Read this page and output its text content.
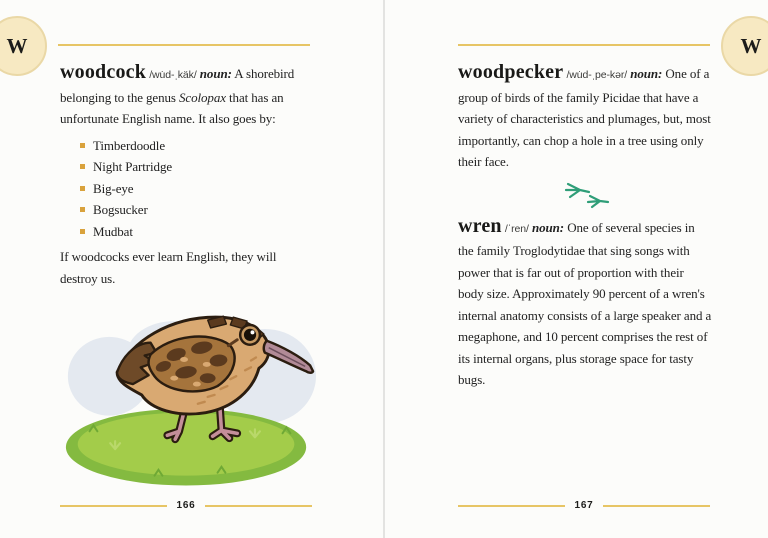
W	W

woodcock /wu̇d-ˌkäk/ noun: A shorebird belonging to the genus Scolopax that has an unfortunate English name. It also goes by:

Timberdoodle
Night Partridge
Big-eye
Bogsucker
Mudbat

If woodcocks ever learn English, they will destroy us.

woodpecker /wu̇d-ˌpe-kər/ noun: One of a group of birds of the family Picidae that have a variety of characteristics and plumages, but, most importantly, can chop a hole in a tree using only their face.

wren /ˈren/ noun: One of several species in the family Troglodytidae that sing songs with power that is far out of proportion with their body size. Approximately 90 percent of a wren's internal anatomy consists of a large speaker and a megaphone, and 10 percent comprises the rest of its internal organs, plus storage space for tasty bugs.

166	167
